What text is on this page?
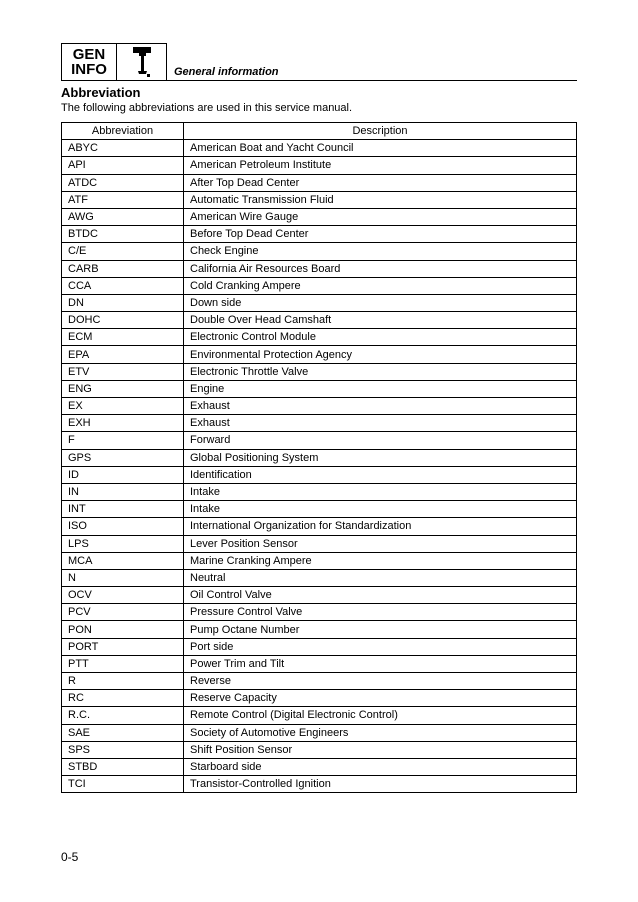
GEN
INFO	General information
Abbreviation
The following abbreviations are used in this service manual.
Abbreviation	Description
ABYC	American Boat and Yacht Council
API	American Petroleum Institute
ATDC	After Top Dead Center
ATF	Automatic Transmission Fluid
AWG	American Wire Gauge
BTDC	Before Top Dead Center
C/E	Check Engine
CARB	California Air Resources Board
CCA	Cold Cranking Ampere
DN	Down side
DOHC	Double Over Head Camshaft
ECM	Electronic Control Module
EPA	Environmental Protection Agency
ETV	Electronic Throttle Valve
ENG	Engine
EX	Exhaust
EXH	Exhaust
F	Forward
GPS	Global Positioning System
ID	Identification
IN	Intake
INT	Intake
ISO	International Organization for Standardization
LPS	Lever Position Sensor
MCA	Marine Cranking Ampere
N	Neutral
OCV	Oil Control Valve
PCV	Pressure Control Valve
PON	Pump Octane Number
PORT	Port side
PTT	Power Trim and Tilt
R	Reverse
RC	Reserve Capacity
R.C.	Remote Control (Digital Electronic Control)
SAE	Society of Automotive Engineers
SPS	Shift Position Sensor
STBD	Starboard side
TCI	Transistor-Controlled Ignition
0-5
